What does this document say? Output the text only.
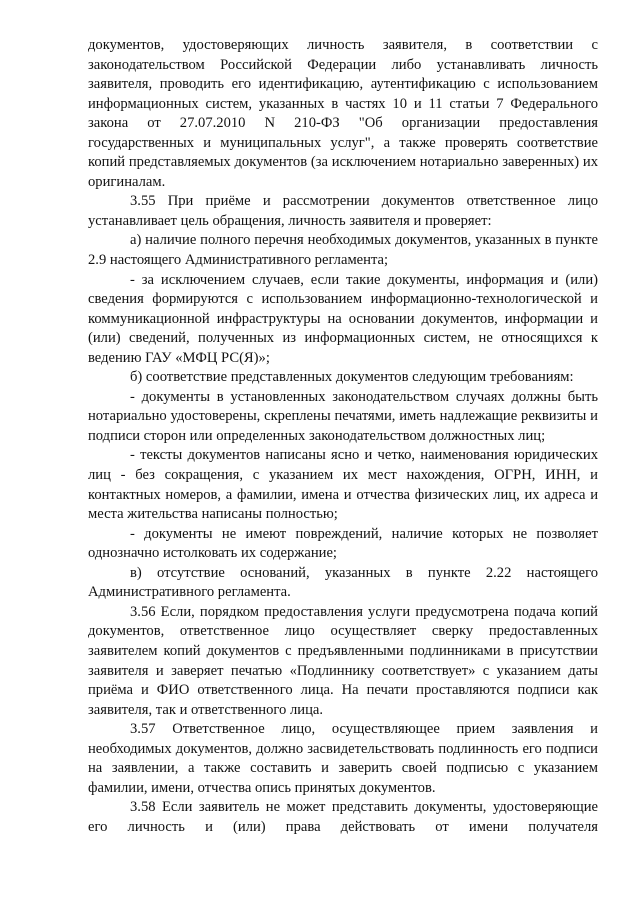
документов, удостоверяющих личность заявителя, в соответствии с законодательством Российской Федерации либо устанавливать личность заявителя, проводить его идентификацию, аутентификацию с использованием информационных систем, указанных в частях 10 и 11 статьи 7 Федерального закона от 27.07.2010 N 210-ФЗ "Об организации предоставления государственных и муниципальных услуг", а также проверять соответствие копий представляемых документов (за исключением нотариально заверенных) их оригиналам.

3.55 При приёме и рассмотрении документов ответственное лицо устанавливает цель обращения, личность заявителя и проверяет:

а) наличие полного перечня необходимых документов, указанных в пункте 2.9 настоящего Административного регламента;

- за исключением случаев, если такие документы, информация и (или) сведения формируются с использованием информационно-технологической и коммуникационной инфраструктуры на основании документов, информации и (или) сведений, полученных из информационных систем, не относящихся к ведению ГАУ «МФЦ РС(Я)»;

б) соответствие представленных документов следующим требованиям:

- документы в установленных законодательством случаях должны быть нотариально удостоверены, скреплены печатями, иметь надлежащие реквизиты и подписи сторон или определенных законодательством должностных лиц;

- тексты документов написаны ясно и четко, наименования юридических лиц - без сокращения, с указанием их мест нахождения, ОГРН, ИНН, и контактных номеров, а фамилии, имена и отчества физических лиц, их адреса и места жительства написаны полностью;

- документы не имеют повреждений, наличие которых не позволяет однозначно истолковать их содержание;

в) отсутствие оснований, указанных в пункте 2.22 настоящего Административного регламента.

3.56 Если, порядком предоставления услуги предусмотрена подача копий документов, ответственное лицо осуществляет сверку предоставленных заявителем копий документов с предъявленными подлинниками в присутствии заявителя и заверяет печатью «Подлиннику соответствует» с указанием даты приёма и ФИО ответственного лица. На печати проставляются подписи как заявителя, так и ответственного лица.

3.57 Ответственное лицо, осуществляющее прием заявления и необходимых документов, должно засвидетельствовать подлинность его подписи на заявлении, а также составить и заверить своей подписью с указанием фамилии, имени, отчества опись принятых документов.

3.58 Если заявитель не может представить документы, удостоверяющие его личность и (или) права действовать от имени получателя
